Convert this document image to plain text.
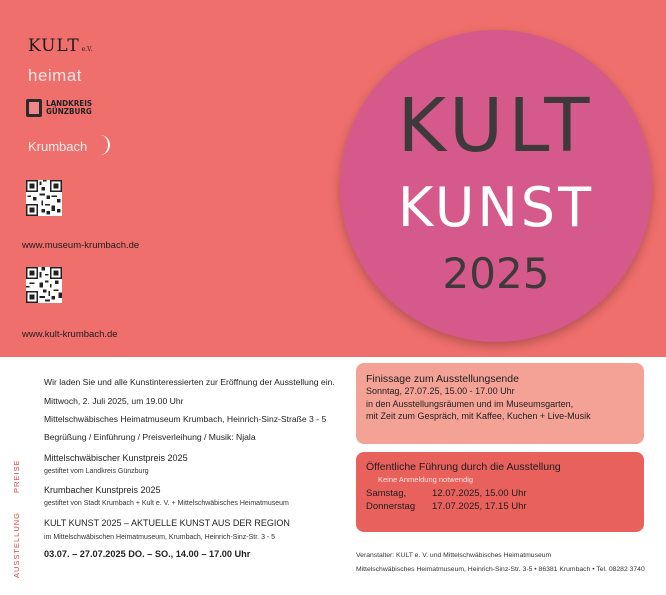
KULT e.V.
heimat
LANDKREIS
GÜNZBURG
Krumbach
www.museum-krumbach.de
www.kult-krumbach.de
KULT
KUNST
2025
PREISE
AUSSTELLUNG
Wir laden Sie und alle Kunstinteressierten zur Eröffnung der Ausstellung ein.
Mittwoch, 2. Juli 2025, um 19.00 Uhr
Mittelschwäbisches Heimatmuseum Krumbach, Heinrich-Sinz-Straße 3 - 5
Begrüßung / Einführung / Preisverleihung / Musik: Njala
Mittelschwäbischer Kunstpreis 2025
gestiftet vom Landkreis Günzburg
Krumbacher Kunstpreis 2025
gestiftet von Stadt Krumbach + Kult e. V. + Mittelschwäbisches Heimatmuseum
KULT KUNST 2025 – AKTUELLE KUNST AUS DER REGION
im Mittelschwäbischen Heimatmuseum, Krumbach, Heinrich-Sinz-Str. 3 - 5
03.07. – 27.07.2025 DO. – SO., 14.00 – 17.00 Uhr
Finissage zum Ausstellungsende
Sonntag, 27.07.25, 15.00 - 17.00 Uhr
in den Ausstellungsräumen und im Museumsgarten,
mit Zeit zum Gespräch, mit Kaffee, Kuchen + Live-Musik
Öffentliche Führung durch die Ausstellung
Keine Anmeldung notwendig
Samstag,	12.07.2025, 15.00 Uhr
Donnerstag 17.07.2025, 17.15 Uhr
Veranstalter: KULT e. V. und Mittelschwäbisches Heimatmuseum
Mittelschwäbisches Heimatmuseum, Heinrich-Sinz-Str. 3-5 • 86381 Krumbach • Tel. 08282 3740
